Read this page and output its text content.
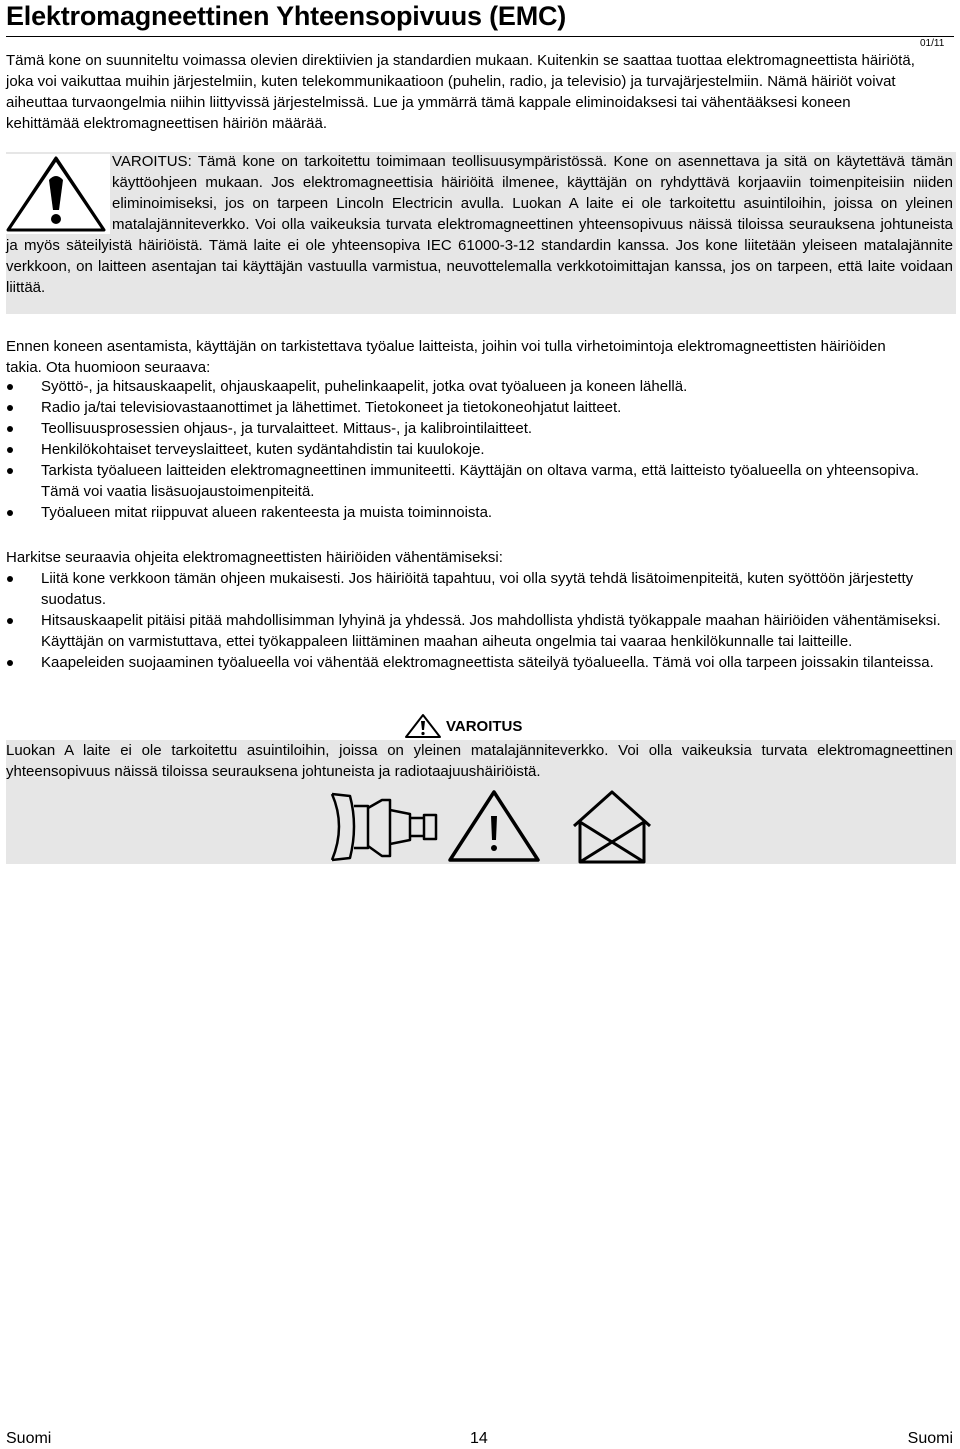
Elektromagneettinen Yhteensopivuus (EMC)
01/11

Tämä kone on suunniteltu voimassa olevien direktiivien ja standardien mukaan. Kuitenkin se saattaa tuottaa elektromagneettista häiriötä, joka voi vaikuttaa muihin järjestelmiin, kuten telekommunikaatioon (puhelin, radio, ja televisio) ja turvajärjestelmiin. Nämä häiriöt voivat aiheuttaa turvaongelmia niihin liittyvissä järjestelmissä. Lue ja ymmärrä tämä kappale eliminoidaksesi tai vähentääksesi koneen kehittämää elektromagneettisen häiriön määrää.

VAROITUS: Tämä kone on tarkoitettu toimimaan teollisuusympäristössä. Kone on asennettava ja sitä on käytettävä tämän käyttöohjeen mukaan. Jos elektromagneettisia häiriöitä ilmenee, käyttäjän on ryhdyttävä korjaaviin toimenpiteisiin niiden eliminoimiseksi, jos on tarpeen Lincoln Electricin avulla. Luokan A laite ei ole tarkoitettu asuintiloihin, joissa on yleinen matalajänniteverkko. Voi olla vaikeuksia turvata elektromagneettinen yhteensopivuus näissä tiloissa seurauksena johtuneista ja myös säteilyistä häiriöistä. Tämä laite ei ole yhteensopiva IEC 61000-3-12 standardin kanssa. Jos kone liitetään yleiseen matalajännite verkkoon, on laitteen asentajan tai käyttäjän vastuulla varmistua, neuvottelemalla verkkotoimittajan kanssa, jos on tarpeen, että laite voidaan liittää.

Ennen koneen asentamista, käyttäjän on tarkistettava työalue laitteista, joihin voi tulla virhetoimintoja elektromagneettisten häiriöiden takia. Ota huomioon seuraava:

Syöttö-, ja hitsauskaapelit, ohjauskaapelit, puhelinkaapelit, jotka ovat työalueen ja koneen lähellä.
Radio ja/tai televisiovastaanottimet ja lähettimet. Tietokoneet ja tietokoneohjatut laitteet.
Teollisuusprosessien ohjaus-, ja turvalaitteet. Mittaus-, ja kalibrointilaitteet.
Henkilökohtaiset terveyslaitteet, kuten sydäntahdistin tai kuulokoje.
Tarkista työalueen laitteiden elektromagneettinen immuniteetti. Käyttäjän on oltava varma, että laitteisto työalueella on yhteensopiva. Tämä voi vaatia lisäsuojaustoimenpiteitä.
Työalueen mitat riippuvat alueen rakenteesta ja muista toiminnoista.

Harkitse seuraavia ohjeita elektromagneettisten häiriöiden vähentämiseksi:

Liitä kone verkkoon tämän ohjeen mukaisesti. Jos häiriöitä tapahtuu, voi olla syytä tehdä lisätoimenpiteitä, kuten syöttöön järjestetty suodatus.
Hitsauskaapelit pitäisi pitää mahdollisimman lyhyinä ja yhdessä. Jos mahdollista yhdistä työkappale maahan häiriöiden vähentämiseksi. Käyttäjän on varmistuttava, ettei työkappaleen liittäminen maahan aiheuta ongelmia tai vaaraa henkilökunnalle tai laitteille.
Kaapeleiden suojaaminen työalueella voi vähentää elektromagneettista säteilyä työalueella. Tämä voi olla tarpeen joissakin tilanteissa.
VAROITUS

Luokan A laite ei ole tarkoitettu asuintiloihin, joissa on yleinen matalajänniteverkko. Voi olla vaikeuksia turvata elektromagneettinen yhteensopivuus näissä tiloissa seurauksena johtuneista ja radiotaajuushäiriöistä.

Suomi	14	Suomi
